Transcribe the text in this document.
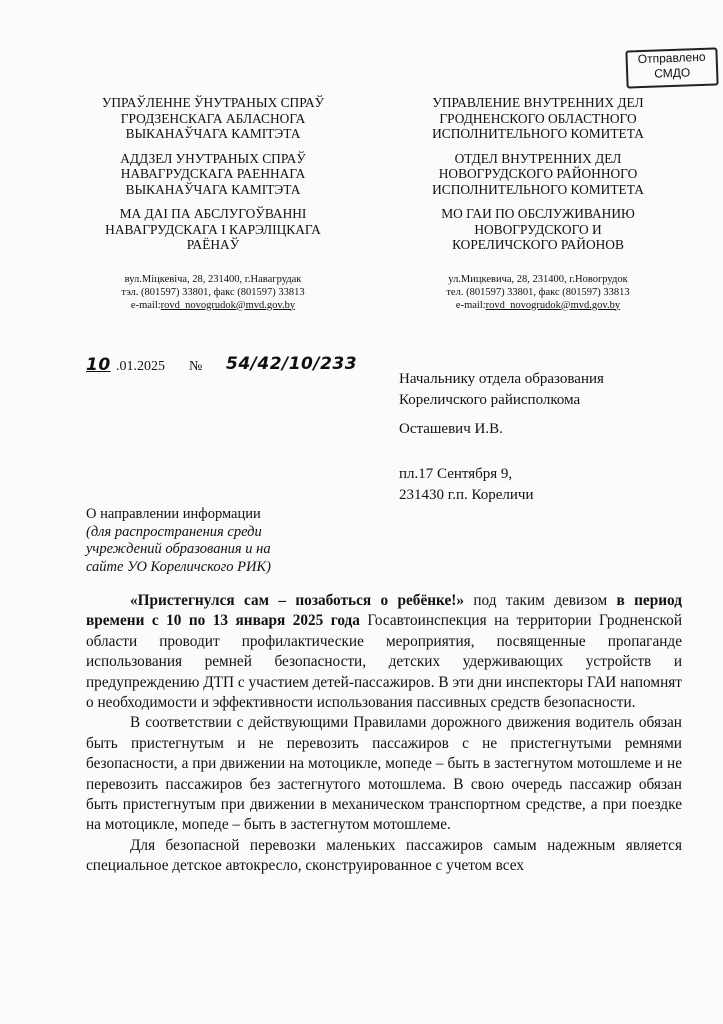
Отправлено
СМДО
УПРАЎЛЕННЕ ЎНУТРАНЫХ СПРАЎ
ГРОДЗЕНСКАГА АБЛАСНОГА
ВЫКАНАЎЧАГА КАМІТЭТА
АДДЗЕЛ УНУТРАНЫХ СПРАЎ
НАВАГРУДСКАГА РАЕННАГА
ВЫКАНАЎЧАГА КАМІТЭТА
МА ДАІ ПА АБСЛУГОЎВАННІ
НАВАГРУДСКАГА І КАРЭЛІЦКАГА
РАЁНАЎ
вул.Міцкевіча, 28, 231400, г.Навагрудак
тэл. (801597) 33801, факс (801597) 33813
e-mail:rovd_novogrudok@mvd.gov.by
УПРАВЛЕНИЕ ВНУТРЕННИХ ДЕЛ
ГРОДНЕНСКОГО ОБЛАСТНОГО
ИСПОЛНИТЕЛЬНОГО КОМИТЕТА
ОТДЕЛ ВНУТРЕННИХ ДЕЛ
НОВОГРУДСКОГО РАЙОННОГО
ИСПОЛНИТЕЛЬНОГО КОМИТЕТА
МО ГАИ ПО ОБСЛУЖИВАНИЮ
НОВОГРУДСКОГО И
КОРЕЛИЧСКОГО РАЙОНОВ
ул.Мицкевича, 28, 231400, г.Новогрудок
тел. (801597) 33801, факс (801597) 33813
e-mail:rovd_novogrudok@mvd.gov.by
10 .01.2025 № 54/42/10/233
Начальнику отдела образования
Кореличского райисполкома
Осташевич И.В.
пл.17 Сентября 9,
231430 г.п. Кореличи
О направлении информации
(для распространения среди
учреждений образования и на
сайте УО Кореличского РИК)

«Пристегнулся сам – позаботься о ребёнке!» под таким девизом в период времени с 10 по 13 января 2025 года Госавтоинспекция на территории Гродненской области проводит профилактические мероприятия, посвященные пропаганде использования ремней безопасности, детских удерживающих устройств и предупреждению ДТП с участием детей-пассажиров. В эти дни инспекторы ГАИ напомнят о необходимости и эффективности использования пассивных средств безопасности.

В соответствии с действующими Правилами дорожного движения водитель обязан быть пристегнутым и не перевозить пассажиров с не пристегнутыми ремнями безопасности, а при движении на мотоцикле, мопеде – быть в застегнутом мотошлеме и не перевозить пассажиров без застегнутого мотошлема. В свою очередь пассажир обязан быть пристегнутым при движении в механическом транспортном средстве, а при поездке на мотоцикле, мопеде – быть в застегнутом мотошлеме.

Для безопасной перевозки маленьких пассажиров самым надежным является специальное детское автокресло, сконструированное с учетом всех
